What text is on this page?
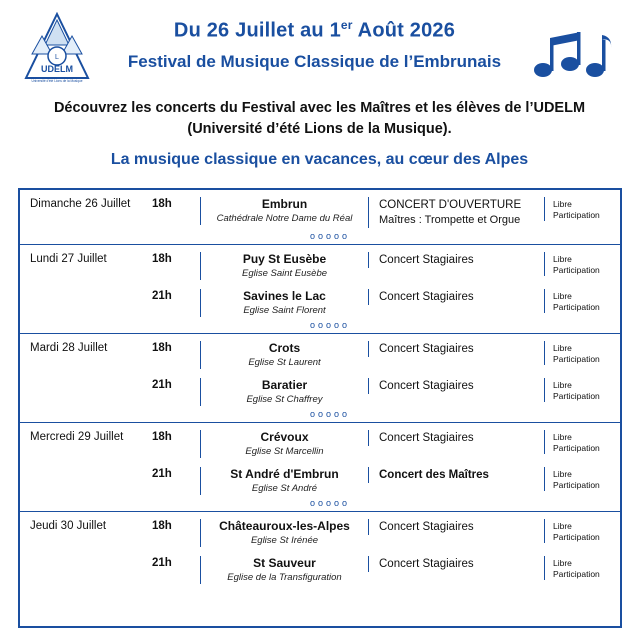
L
UDELM
Université d'été Lions de la Musique
Du 26 Juillet au 1er Août 2026
Festival de Musique Classique de l’Embrunais
Découvrez les concerts du Festival avec les Maîtres et les élèves de l’UDELM
(Université d’été Lions de la Musique).
La musique classique en vacances, au cœur des Alpes
Dimanche 26 Juillet	18h	Embrun
Cathédrale Notre Dame du Réal
CONCERT D'OUVERTURE
Maîtres : Trompette et Orgue
Libre Participation
ooooo
Lundi 27 Juillet	18h	Puy St Eusèbe
Eglise Saint Eusèbe
Concert Stagiaires	Libre Participation
21h	Savines le Lac
Eglise Saint Florent
Concert Stagiaires	Libre Participation
ooooo
Mardi 28 Juillet	18h	Crots
Eglise St Laurent
Concert Stagiaires	Libre Participation
21h	Baratier
Eglise St Chaffrey
Concert Stagiaires	Libre Participation
ooooo
Mercredi 29 Juillet	18h	Crévoux
Eglise St Marcellin
Concert Stagiaires	Libre Participation
21h	St André d'Embrun
Eglise St André
Concert des Maîtres	Libre Participation
ooooo
Jeudi 30 Juillet	18h	Châteauroux-les-Alpes
Eglise St Irénée
Concert Stagiaires	Libre Participation
21h	St Sauveur
Eglise de la Transfiguration
Concert Stagiaires	Libre Participation
